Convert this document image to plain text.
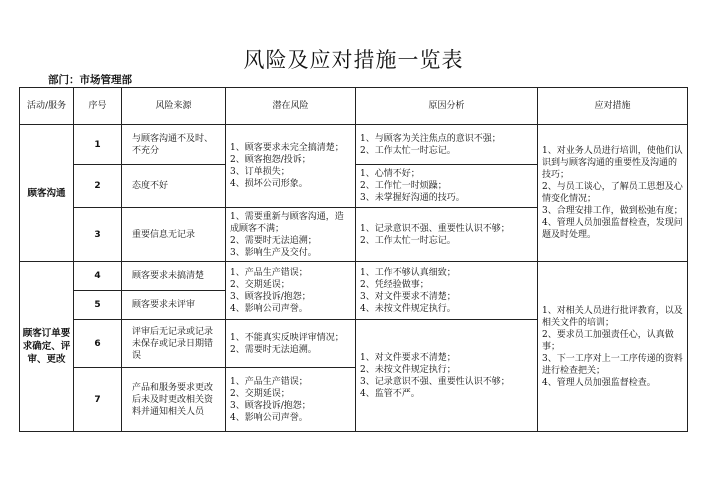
风险及应对措施一览表
部门：市场管理部
活动/服务	序号	风险来源	潜在风险	原因分析	应对措施
顾客沟通	1	与顾客沟通不及时、不充分	1、顾客要求未完全搞清楚；
2、顾客抱怨/投诉；
3、订单损失；
4、损坏公司形象。	1、与顾客为关注焦点的意识不强；
2、工作太忙一时忘记。	1、对业务人员进行培训，使他们认识到与顾客沟通的重要性及沟通的技巧；
2、与员工谈心，了解员工思想及心情变化情况；
3、合理安排工作，做到松弛有度；
4、管理人员加强监督检查，发现问题及时处理。

	2	态度不好		1、心情不好；
2、工作忙一时烦躁；
3、未掌握好沟通的技巧。	

	3	重要信息无记录	1、需要重新与顾客沟通，造成顾客不满；
2、需要时无法追溯；
3、影响生产及交付。	1、记录意识不强、重要性认识不够；
2、工作太忙一时忘记。	

顾客订单要求确定、评审、更改	4	顾客要求未搞清楚	1、产品生产错误；
2、交期延误；
3、顾客投诉/抱怨；
4、影响公司声誉。	1、工作不够认真细致；
2、凭经验做事；
3、对文件要求不清楚；
4、未按文件规定执行。	1、对相关人员进行批评教育，以及相关文件的培训；
2、要求员工加强责任心，认真做事；
3、下一工序对上一工序传递的资料进行检查把关；
4、管理人员加强监督检查。

	5	顾客要求未评审			
	6	评审后无记录或记录未保存或记录日期错误	1、不能真实反映评审情况；
2、需要时无法追溯。	1、对文件要求不清楚；
2、未按文件规定执行；
3、记录意识不强、重要性认识不够；
4、监管不严。	

	7	产品和服务要求更改后未及时更改相关资料并通知相关人员	1、产品生产错误；
2、交期延误；
3、顾客投诉/抱怨；
4、影响公司声誉。		
